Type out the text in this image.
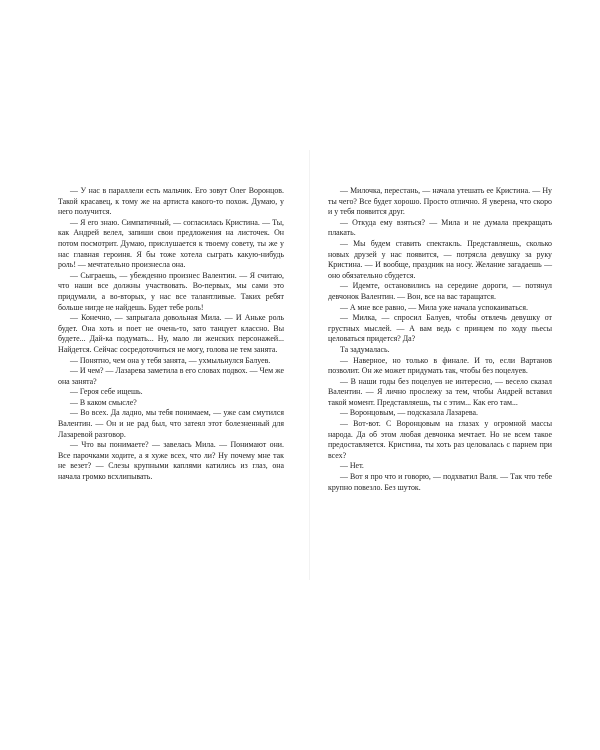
— У нас в параллели есть мальчик. Его зовут Олег Воронцов. Такой красавец, к тому же на артиста какого-то похож. Думаю, у него получится.

— Я его знаю. Симпатичный, — согласилась Кристина. — Ты, как Андрей велел, запиши свои предложения на листочек. Он потом посмотрит. Думаю, прислушается к твоему совету, ты же у нас главная героиня. Я бы тоже хотела сыграть какую-нибудь роль! — мечтательно произнесла она.

— Сыграешь, — убежденно произнес Валентин. — Я считаю, что наши все должны участвовать. Во-первых, мы сами это придумали, а во-вторых, у нас все талантливые. Таких ребят больше нигде не найдешь. Будет тебе роль!

— Конечно, — запрыгала довольная Мила. — И Аньке роль будет. Она хоть и поет не очень-то, зато танцует классно. Вы будете... Дай-ка подумать... Ну, мало ли женских персонажей... Найдется. Сейчас сосредоточиться не могу, голова не тем занята.

— Понятно, чем она у тебя занята, — ухмыльнулся Балуев.

— И чем? — Лазарева заметила в его словах подвох. — Чем же она занята?

— Героя себе ищешь.

— В каком смысле?

— Во всех. Да ладно, мы тебя понимаем, — уже сам смутился Валентин. — Он и не рад был, что затеял этот болезненный для Лазаревой разговор.

— Что вы понимаете? — завелась Мила. — Понимают они. Все парочками ходите, а я хуже всех, что ли? Ну почему мне так не везет? — Слезы крупными каплями катились из глаз, она начала громко всхлипывать.

— Милочка, перестань, — начала утешать ее Кристина. — Ну ты чего? Все будет хорошо. Просто отлично. Я уверена, что скоро и у тебя появится друг.

— Откуда ему взяться? — Мила и не думала прекращать плакать.

— Мы будем ставить спектакль. Представляешь, сколько новых друзей у нас появится, — потрясла девушку за руку Кристина. — И вообще, праздник на носу. Желание загадаешь — оно обязательно сбудется.

— Идемте, остановились на середине дороги, — потянул девчонок Валентин. — Вон, все на вас таращатся.

— А мне все равно, — Мила уже начала успокаиваться.

— Милка, — спросил Балуев, чтобы отвлечь девушку от грустных мыслей. — А вам ведь с принцем по ходу пьесы целоваться придется? Да?

Та задумалась.

— Наверное, но только в финале. И то, если Вартанов позволит. Он же может придумать так, чтобы без поцелуев.

— В наши годы без поцелуев не интересно, — весело сказал Валентин. — Я лично прослежу за тем, чтобы Андрей вставил такой момент. Представляешь, ты с этим... Как его там...

— Воронцовым, — подсказала Лазарева.

— Вот-вот. С Воронцовым на глазах у огромной массы народа. Да об этом любая девчонка мечтает. Но не всем такое предоставляется. Кристина, ты хоть раз целовалась с парнем при всех?

— Нет.

— Вот я про что и говорю, — подхватил Валя. — Так что тебе крупно повезло. Без шуток.
